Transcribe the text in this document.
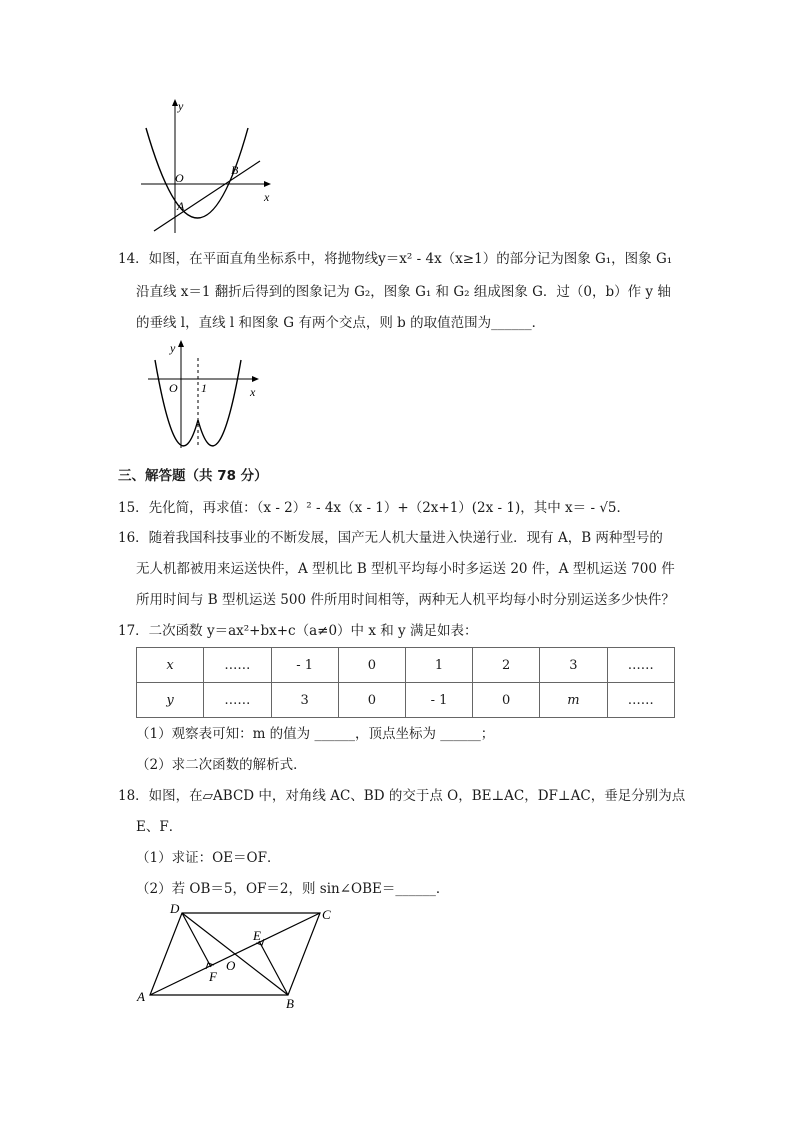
y
x
O
A
B
14．如图，在平面直角坐标系中，将抛物线y＝x² - 4x（x≥1）的部分记为图象 G₁，图象 G₁
沿直线 x＝1 翻折后得到的图象记为 G₂，图象 G₁ 和 G₂ 组成图象 G．过（0，b）作 y 轴
的垂线 l，直线 l 和图象 G 有两个交点，则 b 的取值范围为______．
y
x
O 1
三、解答题（共 78 分）
15．先化简，再求值：（x - 2）² - 4x（x - 1）+（2x+1）(2x - 1)，其中 x＝ - √5．
16．随着我国科技事业的不断发展，国产无人机大量进入快递行业．现有 A，B 两种型号的
无人机都被用来运送快件，A 型机比 B 型机平均每小时多运送 20 件，A 型机运送 700 件
所用时间与 B 型机运送 500 件所用时间相等，两种无人机平均每小时分别运送多少快件？
17．二次函数 y＝ax²+bx+c（a≠0）中 x 和 y 满足如表：
x	……	- 1	0	1	2	3	……
y	……	3	0	- 1	0	m	……
（1）观察表可知：m 的值为 ______，顶点坐标为 ______；
（2）求二次函数的解析式．
18．如图，在▱ABCD 中，对角线 AC、BD 的交于点 O，BE⊥AC，DF⊥AC，垂足分别为点
E、F．
（1）求证：OE＝OF．
（2）若 OB＝5，OF＝2，则 sin∠OBE＝______．
D	C
E
O
F
A	B
